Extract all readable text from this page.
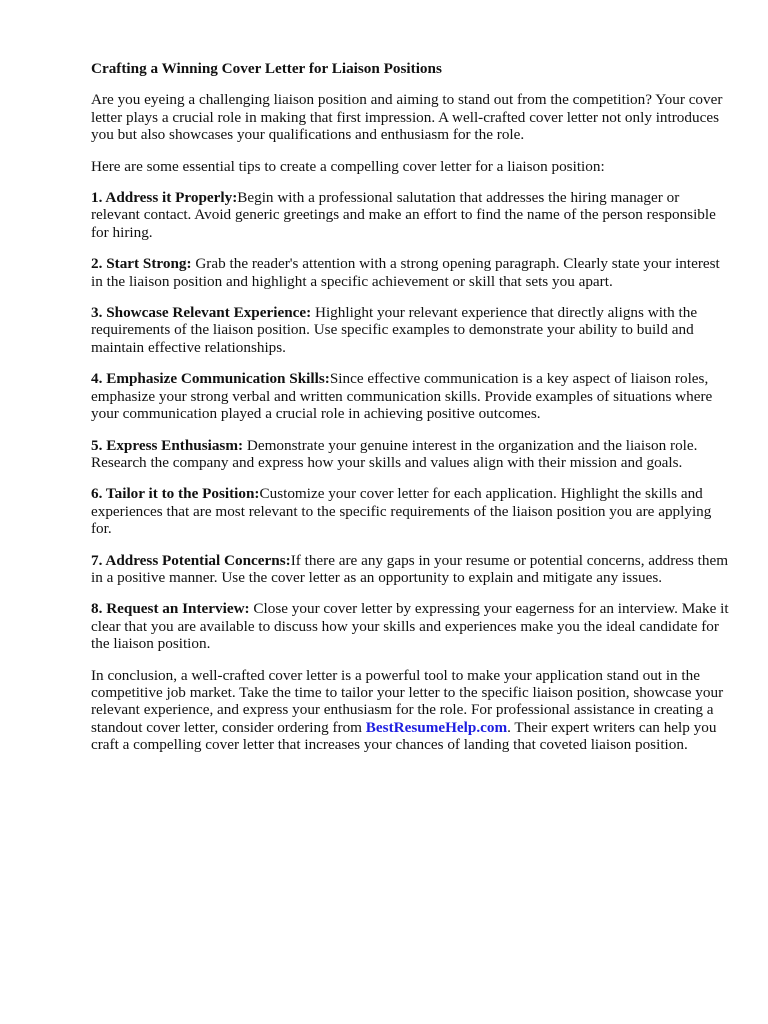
Crafting a Winning Cover Letter for Liaison Positions

Are you eyeing a challenging liaison position and aiming to stand out from the competition? Your cover letter plays a crucial role in making that first impression. A well-crafted cover letter not only introduces you but also showcases your qualifications and enthusiasm for the role.

Here are some essential tips to create a compelling cover letter for a liaison position:

1. Address it Properly:Begin with a professional salutation that addresses the hiring manager or relevant contact. Avoid generic greetings and make an effort to find the name of the person responsible for hiring.

2. Start Strong: Grab the reader's attention with a strong opening paragraph. Clearly state your interest in the liaison position and highlight a specific achievement or skill that sets you apart.

3. Showcase Relevant Experience: Highlight your relevant experience that directly aligns with the requirements of the liaison position. Use specific examples to demonstrate your ability to build and maintain effective relationships.

4. Emphasize Communication Skills:Since effective communication is a key aspect of liaison roles, emphasize your strong verbal and written communication skills. Provide examples of situations where your communication played a crucial role in achieving positive outcomes.

5. Express Enthusiasm: Demonstrate your genuine interest in the organization and the liaison role. Research the company and express how your skills and values align with their mission and goals.

6. Tailor it to the Position:Customize your cover letter for each application. Highlight the skills and experiences that are most relevant to the specific requirements of the liaison position you are applying for.

7. Address Potential Concerns:If there are any gaps in your resume or potential concerns, address them in a positive manner. Use the cover letter as an opportunity to explain and mitigate any issues.

8. Request an Interview: Close your cover letter by expressing your eagerness for an interview. Make it clear that you are available to discuss how your skills and experiences make you the ideal candidate for the liaison position.

In conclusion, a well-crafted cover letter is a powerful tool to make your application stand out in the competitive job market. Take the time to tailor your letter to the specific liaison position, showcase your relevant experience, and express your enthusiasm for the role. For professional assistance in creating a standout cover letter, consider ordering from BestResumeHelp.com. Their expert writers can help you craft a compelling cover letter that increases your chances of landing that coveted liaison position.
